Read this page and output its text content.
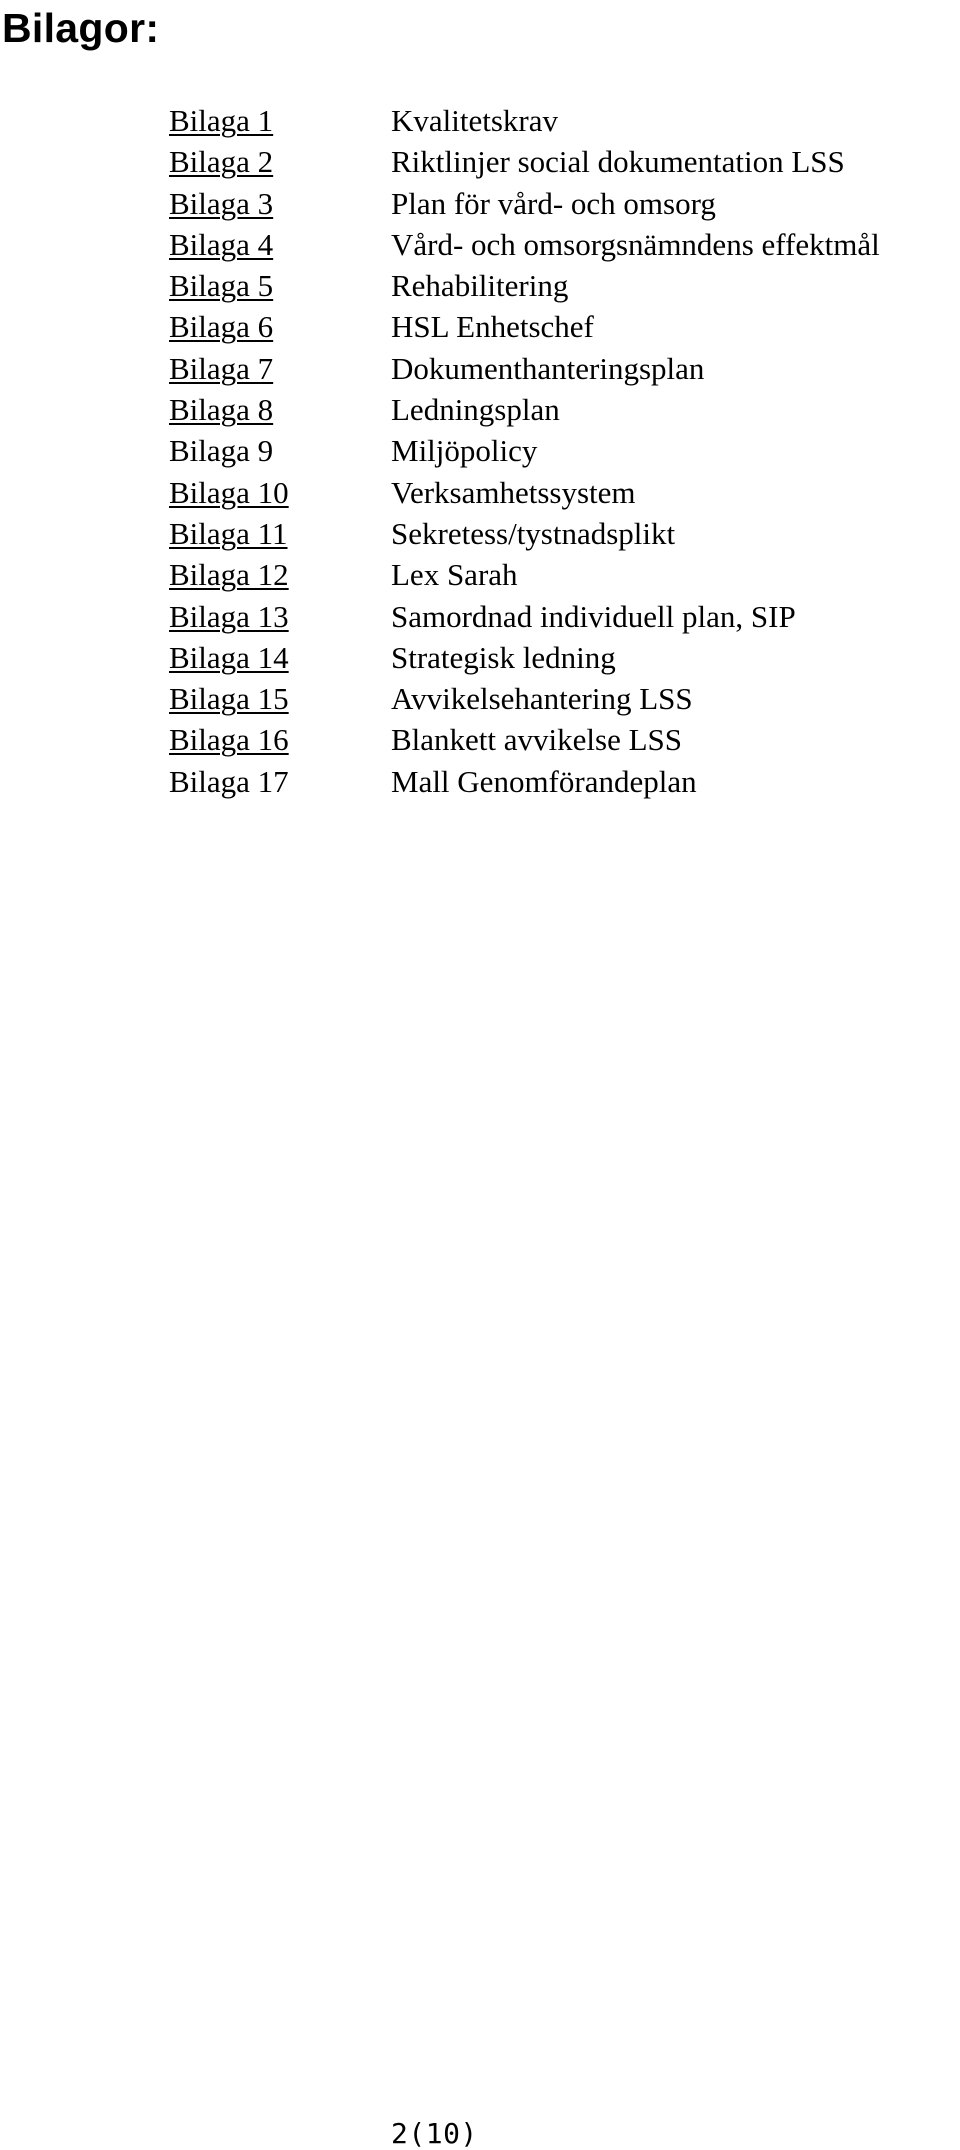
Bilagor:
Bilaga 1	Kvalitetskrav
Bilaga 2	Riktlinjer social dokumentation LSS
Bilaga 3	Plan för vård- och omsorg
Bilaga 4	Vård- och omsorgsnämndens effektmål
Bilaga 5	Rehabilitering
Bilaga 6	HSL Enhetschef
Bilaga 7	Dokumenthanteringsplan
Bilaga 8	Ledningsplan
Bilaga 9	Miljöpolicy
Bilaga 10	Verksamhetssystem
Bilaga 11	Sekretess/tystnadsplikt
Bilaga 12	Lex Sarah
Bilaga 13	Samordnad individuell plan, SIP
Bilaga 14	Strategisk ledning
Bilaga 15	Avvikelsehantering LSS
Bilaga 16	Blankett avvikelse LSS
Bilaga 17	Mall Genomförandeplan
2(10)
